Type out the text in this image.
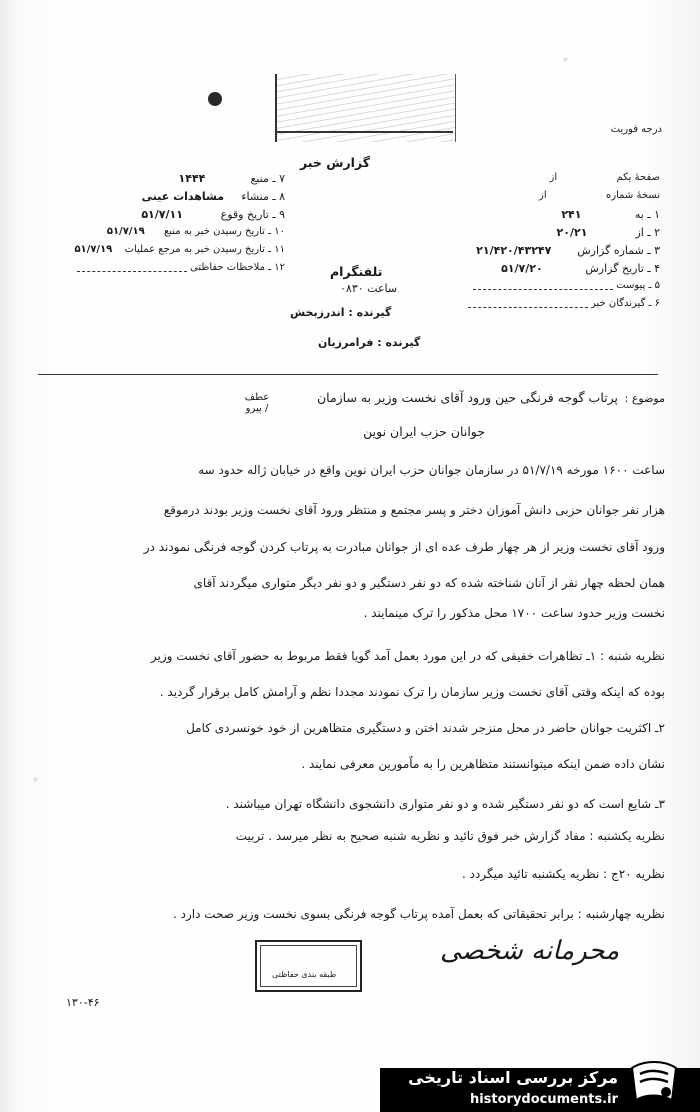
·
·
درجه فوریت
گزارش خبر
۷ ـ منبع ۱۴۴۴
۸ ـ منشاء مشاهدات عینی
۹ ـ تاریخ وقوع ۵۱/۷/۱۱
۱۰ ـ تاریخ رسیدن خبر به منبع ۵۱/۷/۱۹
۱۱ ـ تاریخ رسیدن خبر به مرجع عملیات ۵۱/۷/۱۹
۱۲ ـ ملاحظات حفاظتی
صفحهٔ یکم از
نسخهٔ شماره از
۱ ـ به ۲۴۱
۲ ـ از ۲۰/۲۱
۳ ـ شماره گزارش ۲۱/۴۲۰/۴۳۲۴۷
۴ ـ تاریخ گزارش ۵۱/۷/۲۰
۵ ـ پیوست
۶ ـ گیرندگان خبر
تلفنگرام
ساعت ۰۸۳۰
گیرنده : اندرزبخش
گیرنده : فرامرزیان
موضوع :
عطف / پیرو
پرتاب گوجه فرنگی حین ورود آقای نخست وزیر به سازمان
جوانان حزب ایران نوین
ساعت ۱۶۰۰ مورخه ۵۱/۷/۱۹ در سازمان جوانان حزب ایران نوین واقع در خیابان ژاله حدود سه
هزار نفر جوانان حزبی دانش آموزان دختر و پسر مجتمع و منتظر ورود آقای نخست وزیر بودند درموقع
ورود آقای نخست وزیر از هر چهار طرف عده ای از جوانان مبادرت به پرتاب کردن گوجه فرنگی نمودند در
همان لحظه چهار نفر از آنان شناخته شده که دو نفر دستگیر و دو نفر دیگر متواری میگردند آقای
نخست وزیر حدود ساعت ۱۷۰۰ محل مذکور را ترک مینمایند .
نظریه شنبه : ۱ـ تظاهرات خفیفی که در این مورد بعمل آمد گویا فقط مربوط به حضور آقای نخست وزیر
بوده که اینکه وقتی آقای نخست وزیر سازمان را ترک نمودند مجددا نظم و آرامش کامل برقرار گردید .
۲ـ اکثریت جوانان حاضر در محل منزجر شدند اختن و دستگیری متظاهرین از خود خونسردی کامل
نشان داده ضمن اینکه میتوانستند متظاهرین را به ماٌمورین معرفی نمایند .
۳ـ شایع است که دو نفر دستگیر شده و دو نفر متواری دانشجوی دانشگاه تهران میباشند .
نظریه یکشنبه : مفاد گزارش خبر فوق تائید و نظریه شنبه صحیح به نظر میرسد . تربیت
نظریه ۲۰ج : نظریه یکشنبه تائید میگردد .
نظریه چهارشنبه : برابر تحقیقاتی که بعمل آمده پرتاب گوجه فرنگی بسوی نخست وزیر صحت دارد .
محرمانه شخصی
طبقه بندی حفاظتی
۱۳۰-۴۶
مرکز بررسی اسناد تاریخی
historydocuments.ir
